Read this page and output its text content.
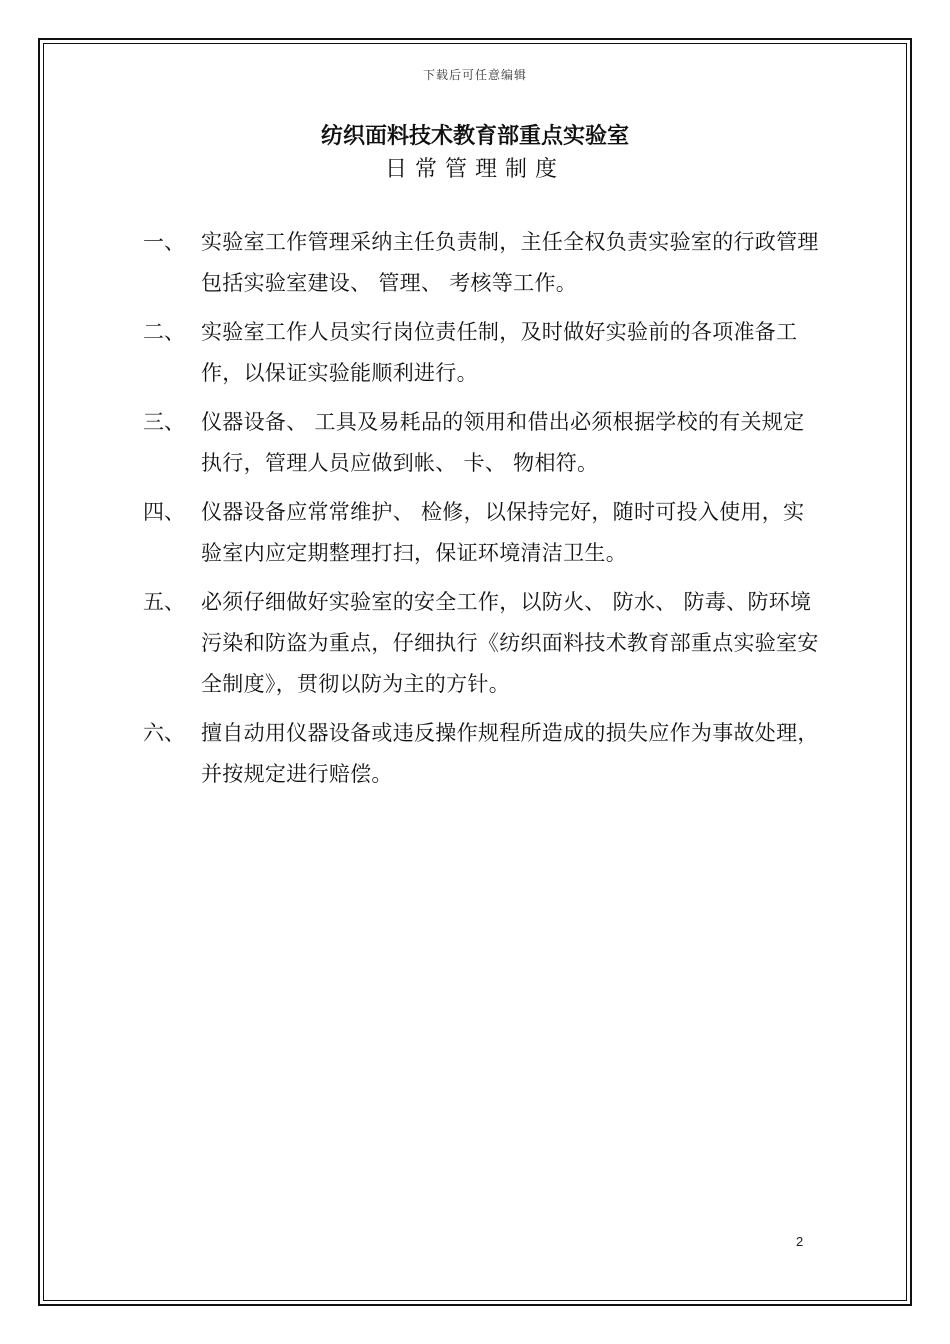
下载后可任意编辑
纺织面料技术教育部重点实验室
日常管理制度
一、 实验室工作管理采纳主任负责制，主任全权负责实验室的行政管理包括实验室建设、 管理、 考核等工作。
二、 实验室工作人员实行岗位责任制，及时做好实验前的各项准备工作，以保证实验能顺利进行。
三、 仪器设备、 工具及易耗品的领用和借出必须根据学校的有关规定执行，管理人员应做到帐、 卡、 物相符。
四、 仪器设备应常常维护、 检修，以保持完好，随时可投入使用，实验室内应定期整理打扫，保证环境清洁卫生。
五、 必须仔细做好实验室的安全工作，以防火、 防水、 防毒、防环境污染和防盗为重点，仔细执行《纺织面料技术教育部重点实验室安全制度》，贯彻以防为主的方针。
六、 擅自动用仪器设备或违反操作规程所造成的损失应作为事故处理，并按规定进行赔偿。
2
